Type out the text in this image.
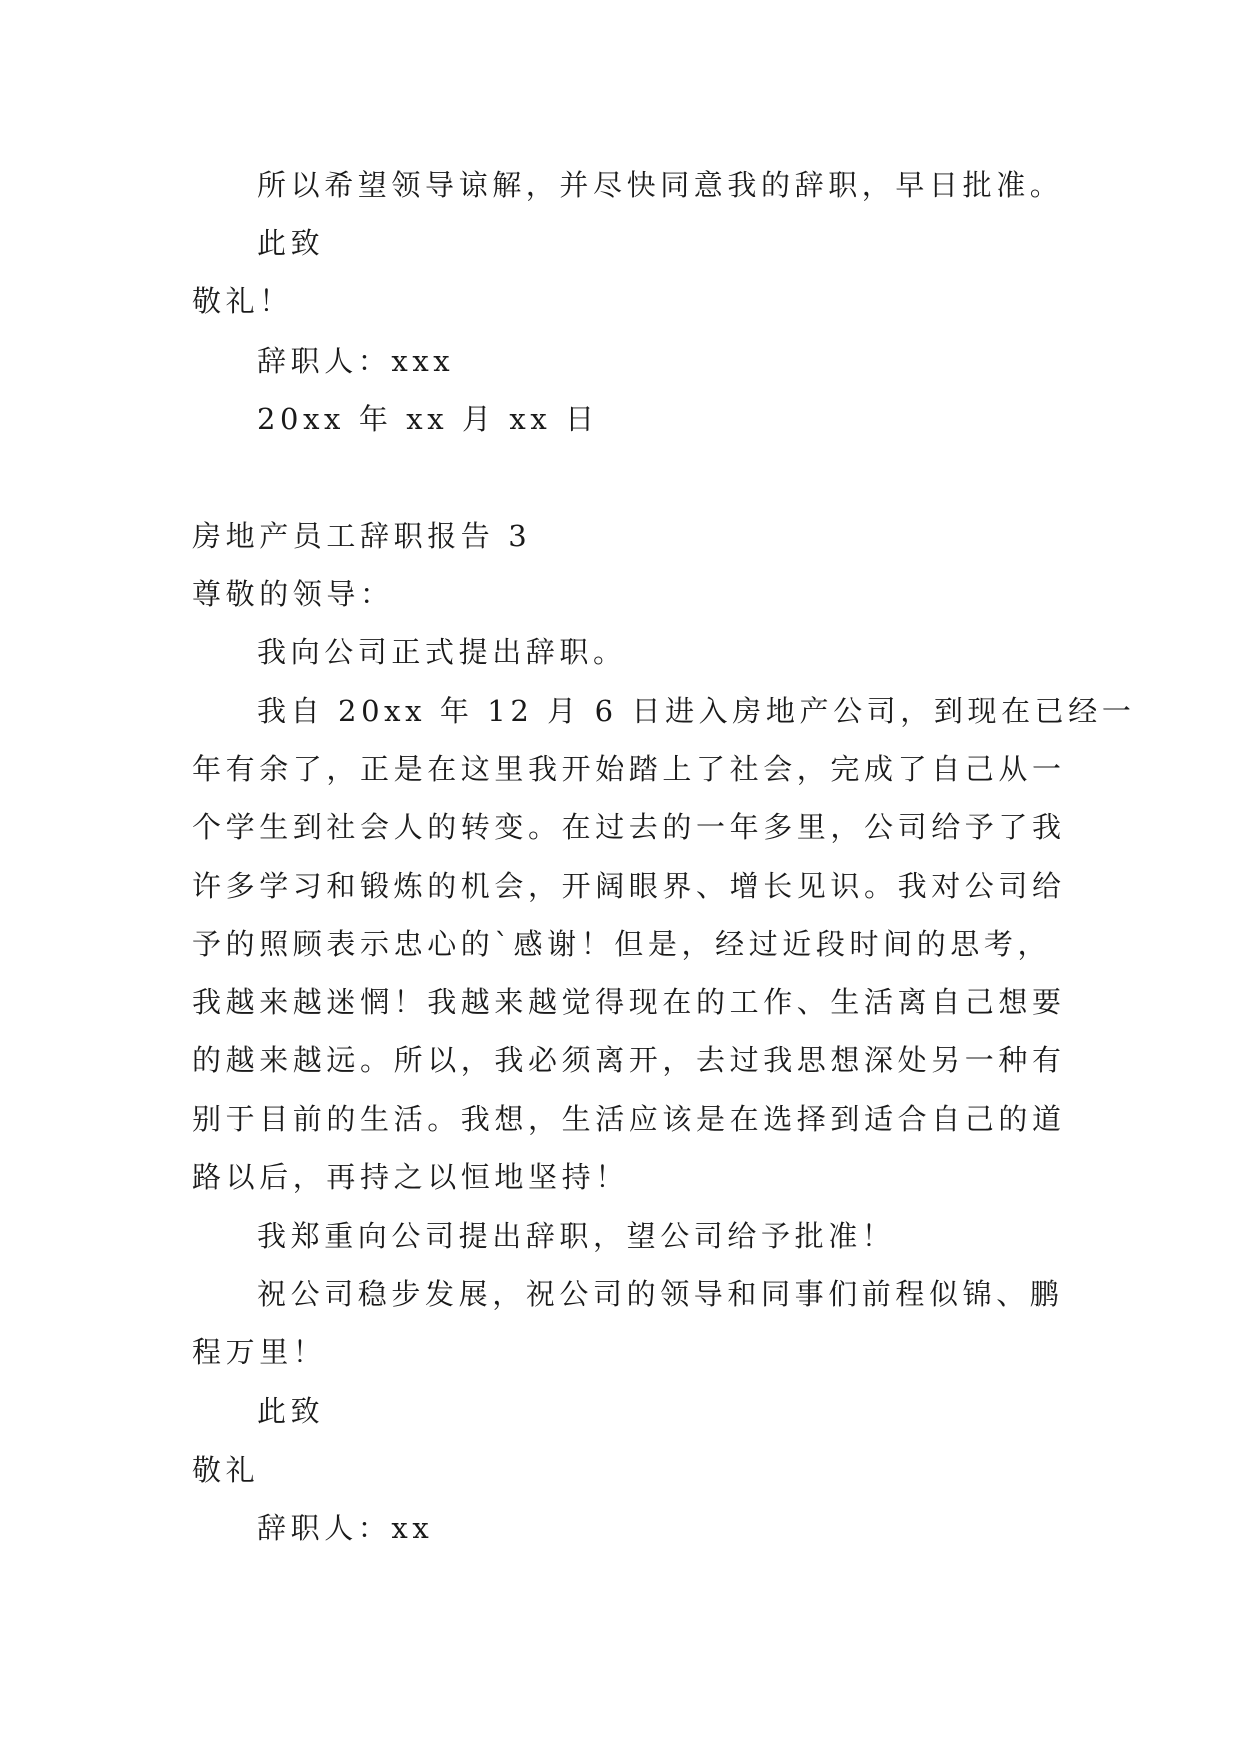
所以希望领导谅解，并尽快同意我的辞职，早日批准。
此致
敬礼！
辞职人：xxx
20xx 年 xx 月 xx 日
房地产员工辞职报告 3
尊敬的领导：
我向公司正式提出辞职。
我自 20xx 年 12 月 6 日进入房地产公司，到现在已经一
年有余了，正是在这里我开始踏上了社会，完成了自己从一
个学生到社会人的转变。在过去的一年多里，公司给予了我
许多学习和锻炼的机会，开阔眼界、增长见识。我对公司给
予的照顾表示忠心的`感谢！但是，经过近段时间的思考，
我越来越迷惘！我越来越觉得现在的工作、生活离自己想要
的越来越远。所以，我必须离开，去过我思想深处另一种有
别于目前的生活。我想，生活应该是在选择到适合自己的道
路以后，再持之以恒地坚持！
我郑重向公司提出辞职，望公司给予批准！
祝公司稳步发展，祝公司的领导和同事们前程似锦、鹏
程万里！
此致
敬礼
辞职人：xx
